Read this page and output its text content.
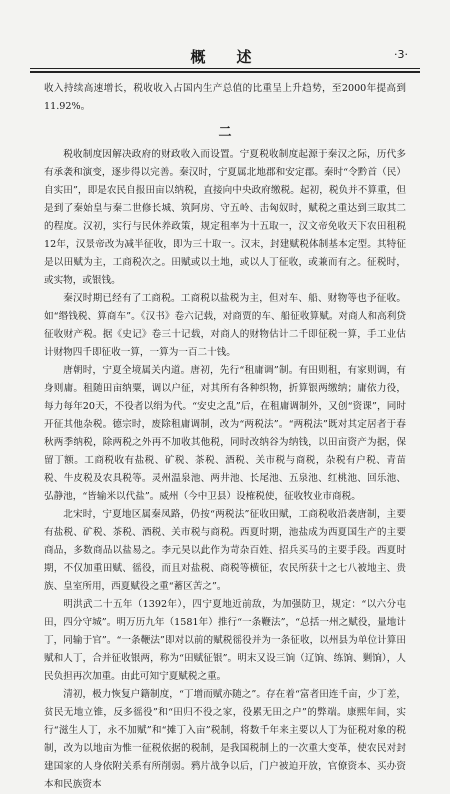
概　述	·3·

收入持续高速增长，税收收入占国内生产总值的比重呈上升趋势，至2000年提高到11.92%。

二

税收制度因解决政府的财政收入而设置。宁夏税收制度起源于秦汉之际，历代多有承袭和演变，逐步得以完善。秦汉时，宁夏属北地郡和安定郡。秦时“令黔首（民）自实田”，即是农民自报田亩以纳税，直接向中央政府缴税。起初，税负并不算重，但是到了秦始皇与秦二世修长城、筑阿房、守五岭、击匈奴时，赋税之重达到三取其二的程度。汉初，实行与民休养政策，规定租率为十五取一，汉文帝免收天下农田租税12年，汉景帝改为减半征收，即为三十取一。汉末，封建赋税体制基本定型。其特征是以田赋为主，工商税次之。田赋或以土地，或以人丁征收，或兼而有之。征税时，或实物，或银钱。

秦汉时期已经有了工商税。工商税以盐税为主，但对车、船、财物等也予征收。如“缗钱税、算商车”。《汉书》卷六记载，对商贾的车、船征收算赋。对商人和高利贷征收财产税。据《史记》卷三十记载，对商人的财物估计二千即征税一算，手工业估计财物四千即征收一算，一算为一百二十钱。

唐朝时，宁夏全境属关内道。唐初，先行“租庸调”制。有田则租，有家则调，有身则庸。租随田亩纳粟，调以户征，对其所有各种织物，折算银两缴纳；庸依力役，每力每年20天，不役者以绢为代。“安史之乱”后，在租庸调制外，又创“资课”，同时开征其他杂税。德宗时，废除租庸调制，改为“两税法”。“两税法”既对其定居者于春秋两季纳税，除两税之外再不加收其他税，同时改纳谷为纳钱，以田亩资产为据，保留丁额。工商税收有盐税、矿税、茶税、酒税、关市税与商税，杂税有户税、青苗税、牛皮税及农具税等。灵州温泉池、两井池、长尾池、五泉池、红桃池、回乐池、弘静池，“皆输米以代盐”。威州（今中卫县）设榷税使，征收牧业市商税。

北宋时，宁夏地区属秦凤路，仍按“两税法”征收田赋，工商税收沿袭唐制，主要有盐税、矿税、茶税、酒税、关市税与商税。西夏时期，池盐成为西夏国生产的主要商品，多数商品以盐易之。李元昊以此作为苛杂百姓、招兵买马的主要手段。西夏时期，不仅加重田赋、徭役，而且对盐税、商税等横征，农民所获十之七八被地主、贵族、皇室所用，西夏赋役之重“蓄区苦之”。

明洪武二十五年（1392年），四宁夏地近前敌，为加强防卫，规定：“以六分屯田，四分守城”。明万历九年（1581年）推行“一条鞭法”，“总括一州之赋役，量地计丁，同输于官”。“一条鞭法”即对以前的赋税徭役并为一条征收，以州县为单位计算田赋和人丁，合并征收银两，称为“田赋征银”。明末又设三饷（辽饷、练饷、剿饷），人民负担再次加重。由此可知宁夏赋税之重。

清初，极力恢复户籍制度，“丁增而赋亦随之”。存在着“富者田连千亩，少丁差，贫民无地立锥，反多徭役”和“田归不役之家，役累无田之户”的弊端。康熙年间，实行“滋生人丁，永不加赋”和“摊丁入亩”税制，将数千年来主要以人丁为征税对象的税制，改为以地亩为惟一征税依据的税制，是我国税制上的一次重大变革，使农民对封建国家的人身依附关系有所削弱。鸦片战争以后，门户被迫开放，官僚资本、买办资本和民族资本
